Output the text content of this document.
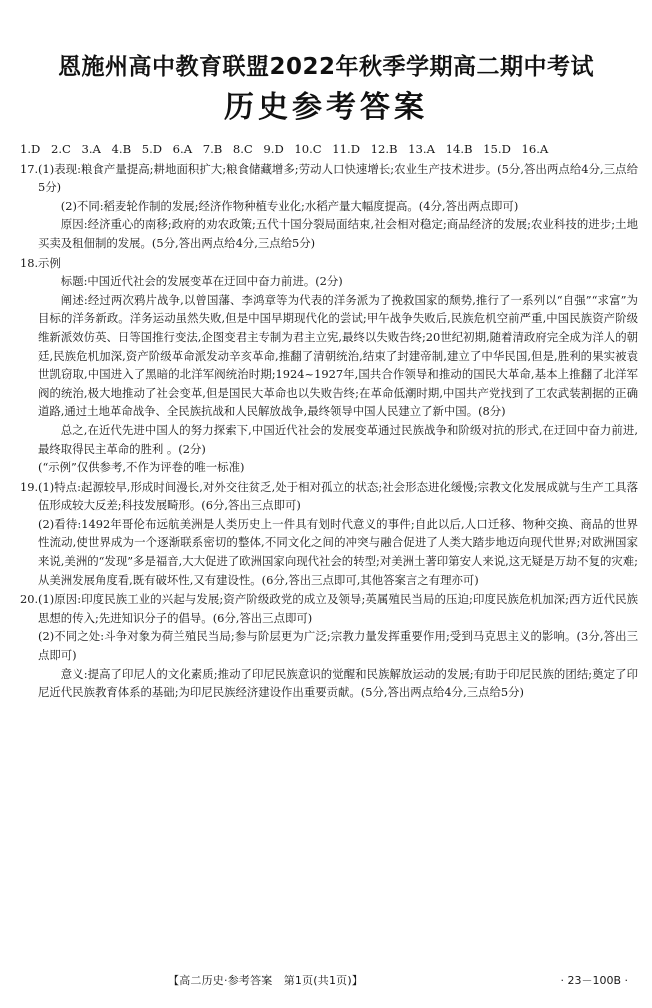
恩施州高中教育联盟2022年秋季学期高二期中考试
历史参考答案
1.D 2.C 3.A 4.B 5.D 6.A 7.B 8.C 9.D 10.C 11.D 12.B 13.A 14.B 15.D 16.A
17. (1)表现:粮食产量提高;耕地面积扩大;粮食储藏增多;劳动人口快速增长;农业生产技术进步。(5分,答出两点给4分,三点给5分)

(2)不同:稻麦轮作制的发展;经济作物种植专业化;水稻产量大幅度提高。(4分,答出两点即可)

原因:经济重心的南移;政府的劝农政策;五代十国分裂局面结束,社会相对稳定;商品经济的发展;农业科技的进步;土地买卖及租佃制的发展。(5分,答出两点给4分,三点给5分)

18. 示例

标题:中国近代社会的发展变革在迂回中奋力前进。(2分)

阐述:经过两次鸦片战争,以曾国藩、李鸿章等为代表的洋务派为了挽救国家的颓势,推行了一系列以“自强”“求富”为目标的洋务新政。洋务运动虽然失败,但是中国早期现代化的尝试;甲午战争失败后,民族危机空前严重,中国民族资产阶级维新派效仿英、日等国推行变法,企图变君主专制为君主立宪,最终以失败告终;20世纪初期,随着清政府完全成为洋人的朝廷,民族危机加深,资产阶级革命派发动辛亥革命,推翻了清朝统治,结束了封建帝制,建立了中华民国,但是,胜利的果实被袁世凯窃取,中国进入了黑暗的北洋军阀统治时期;1924~1927年,国共合作领导和推动的国民大革命,基本上推翻了北洋军阀的统治,极大地推动了社会变革,但是国民大革命也以失败告终;在革命低潮时期,中国共产党找到了工农武装割据的正确道路,通过土地革命战争、全民族抗战和人民解放战争,最终领导中国人民建立了新中国。(8分)

总之,在近代先进中国人的努力探索下,中国近代社会的发展变革通过民族战争和阶级对抗的形式,在迂回中奋力前进,最终取得民主革命的胜利 。(2分)

(“示例”仅供参考,不作为评卷的唯一标准)

19. (1)特点:起源较早,形成时间漫长,对外交往贫乏,处于相对孤立的状态;社会形态进化缓慢;宗教文化发展成就与生产工具落伍形成较大反差;科技发展畸形。(6分,答出三点即可)

(2)看待:1492年哥伦布远航美洲是人类历史上一件具有划时代意义的事件;自此以后,人口迁移、物种交换、商品的世界性流动,使世界成为一个逐渐联系密切的整体,不同文化之间的冲突与融合促进了人类大踏步地迈向现代世界;对欧洲国家来说,美洲的“发现”多是福音,大大促进了欧洲国家向现代社会的转型;对美洲土著印第安人来说,这无疑是万劫不复的灾难;从美洲发展角度看,既有破坏性,又有建设性。(6分,答出三点即可,其他答案言之有理亦可)

20. (1)原因:印度民族工业的兴起与发展;资产阶级政党的成立及领导;英属殖民当局的压迫;印度民族危机加深;西方近代民族思想的传入;先进知识分子的倡导。(6分,答出三点即可)

(2)不同之处:斗争对象为荷兰殖民当局;参与阶层更为广泛;宗教力量发挥重要作用;受到马克思主义的影响。(3分,答出三点即可)

意义:提高了印尼人的文化素质;推动了印尼民族意识的觉醒和民族解放运动的发展;有助于印尼民族的团结;奠定了印尼近代民族教育体系的基础;为印尼民族经济建设作出重要贡献。(5分,答出两点给4分,三点给5分)

【高二历史·参考答案　第1页(共1页)】	· 23－100B ·
